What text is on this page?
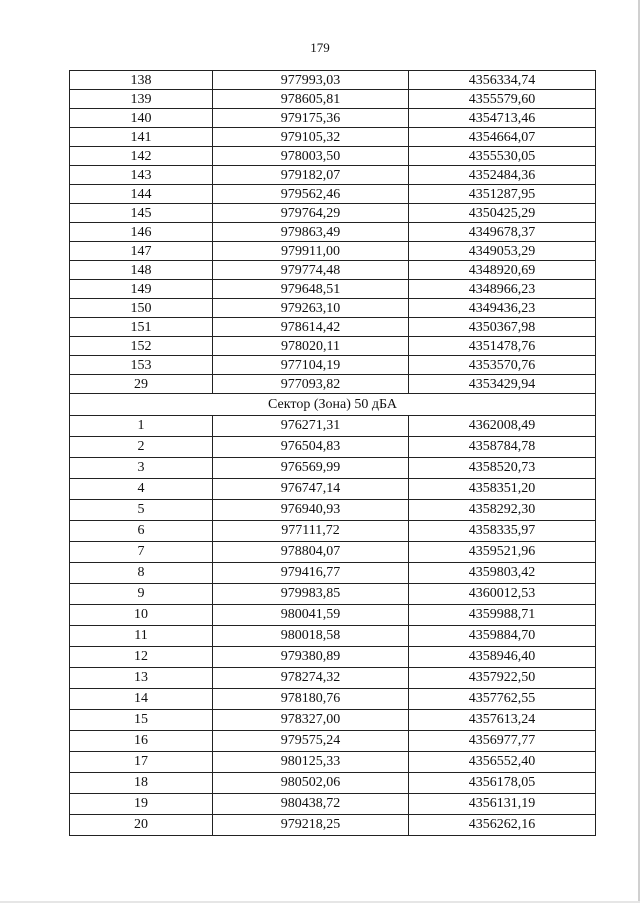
179
138	977993,03	4356334,74
139	978605,81	4355579,60
140	979175,36	4354713,46
141	979105,32	4354664,07
142	978003,50	4355530,05
143	979182,07	4352484,36
144	979562,46	4351287,95
145	979764,29	4350425,29
146	979863,49	4349678,37
147	979911,00	4349053,29
148	979774,48	4348920,69
149	979648,51	4348966,23
150	979263,10	4349436,23
151	978614,42	4350367,98
152	978020,11	4351478,76
153	977104,19	4353570,76
29	977093,82	4353429,94
Сектор (Зона) 50 дБА		
1	976271,31	4362008,49
2	976504,83	4358784,78
3	976569,99	4358520,73
4	976747,14	4358351,20
5	976940,93	4358292,30
6	977111,72	4358335,97
7	978804,07	4359521,96
8	979416,77	4359803,42
9	979983,85	4360012,53
10	980041,59	4359988,71
11	980018,58	4359884,70
12	979380,89	4358946,40
13	978274,32	4357922,50
14	978180,76	4357762,55
15	978327,00	4357613,24
16	979575,24	4356977,77
17	980125,33	4356552,40
18	980502,06	4356178,05
19	980438,72	4356131,19
20	979218,25	4356262,16
